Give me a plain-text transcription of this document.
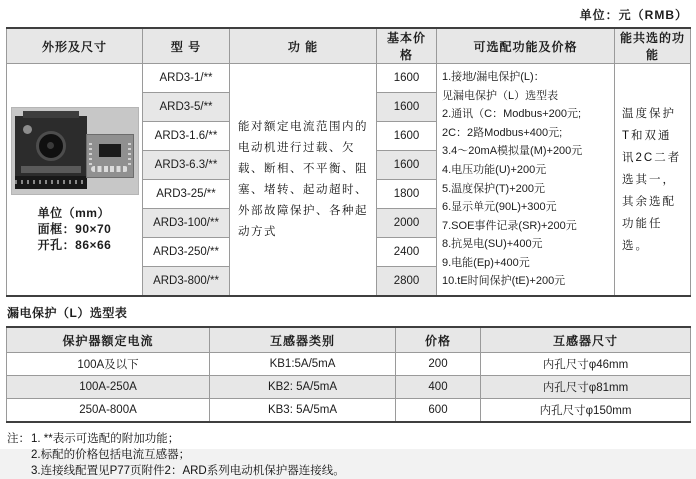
单位：元（RMB）
外形及尺寸	型 号	功 能	基本价格	可选配功能及价格	能共选的功能

单位（mm）
面框：90×70
开孔：86×66
	ARD3-1/**	能对额定电流范围内的电动机进行过载、欠载、断相、不平衡、阻塞、堵转、起动超时、外部故障保护、各种起动方式	1600	1.接地/漏电保护(L)：
见漏电保护（L）选型表
2.通讯（C：Modbus+200元;
2C：2路Modbus+400元;
3.4～20mA模拟量(M)+200元
4.电压功能(U)+200元
5.温度保护(T)+200元
6.显示单元(90L)+300元
7.SOE事件记录(SR)+200元
8.抗晃电(SU)+400元
9.电能(Ep)+400元
10.tE时间保护(tE)+200元
	温度保护T和双通讯2C二者选其一，其余选配功能任选。
	ARD3-5/**		1600		
	ARD3-1.6/**		1600		
	ARD3-6.3/**		1600		
	ARD3-25/**		1800		
	ARD3-100/**		2000		
	ARD3-250/**		2400		
	ARD3-800/**		2800		
漏电保护（L）选型表
保护器额定电流	互感器类别	价格	互感器尺寸
100A及以下	KB1:5A/5mA	200	内孔尺寸φ46mm
100A-250A	KB2: 5A/5mA	400	内孔尺寸φ81mm
250A-800A	KB3: 5A/5mA	600	内孔尺寸φ150mm
注： 1. **表示可选配的附加功能；
2.标配的价格包括电流互感器；
3.连接线配置见P77页附件2：ARD系列电动机保护器连接线。
